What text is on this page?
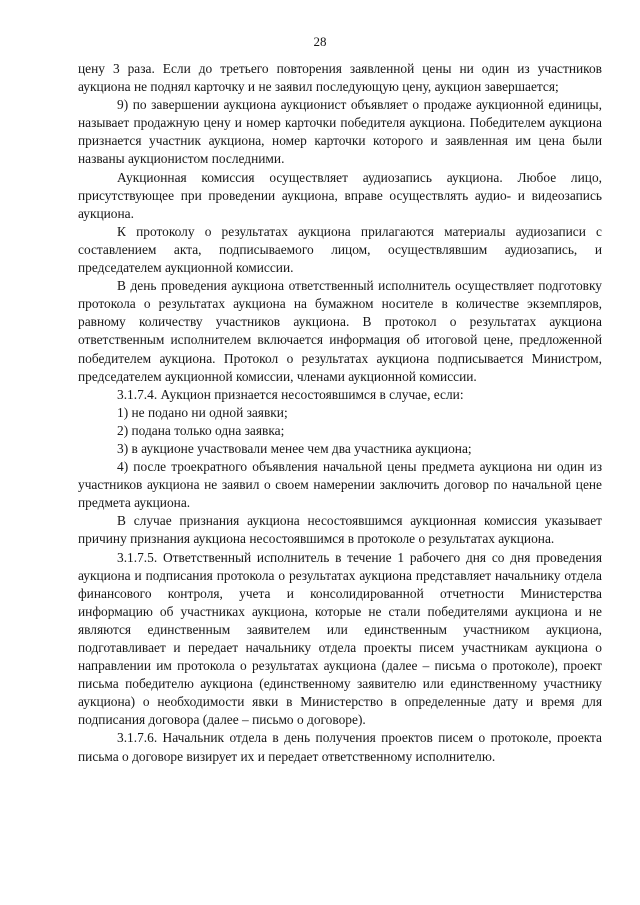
28

цену 3 раза. Если до третьего повторения заявленной цены ни один из участников аукциона не поднял карточку и не заявил последующую цену, аукцион завершается;

9) по завершении аукциона аукционист объявляет о продаже аукционной единицы, называет продажную цену и номер карточки победителя аукциона. Победителем аукциона признается участник аукциона, номер карточки которого и заявленная им цена были названы аукционистом последними.

Аукционная комиссия осуществляет аудиозапись аукциона. Любое лицо, присутствующее при проведении аукциона, вправе осуществлять аудио- и видеозапись аукциона.

К протоколу о результатах аукциона прилагаются материалы аудиозаписи с составлением акта, подписываемого лицом, осуществлявшим аудиозапись, и председателем аукционной комиссии.

В день проведения аукциона ответственный исполнитель осуществляет подготовку протокола о результатах аукциона на бумажном носителе в количестве экземпляров, равному количеству участников аукциона. В протокол о результатах аукциона ответственным исполнителем включается информация об итоговой цене, предложенной победителем аукциона. Протокол о результатах аукциона подписывается Министром, председателем аукционной комиссии, членами аукционной комиссии.

3.1.7.4. Аукцион признается несостоявшимся в случае, если:

1) не подано ни одной заявки;

2) подана только одна заявка;

3) в аукционе участвовали менее чем два участника аукциона;

4) после троекратного объявления начальной цены предмета аукциона ни один из участников аукциона не заявил о своем намерении заключить договор по начальной цене предмета аукциона.

В случае признания аукциона несостоявшимся аукционная комиссия указывает причину признания аукциона несостоявшимся в протоколе о результатах аукциона.

3.1.7.5. Ответственный исполнитель в течение 1 рабочего дня со дня проведения аукциона и подписания протокола о результатах аукциона представляет начальнику отдела финансового контроля, учета и консолидированной отчетности Министерства информацию об участниках аукциона, которые не стали победителями аукциона и не являются единственным заявителем или единственным участником аукциона, подготавливает и передает начальнику отдела проекты писем участникам аукциона о направлении им протокола о результатах аукциона (далее – письма о протоколе), проект письма победителю аукциона (единственному заявителю или единственному участнику аукциона) о необходимости явки в Министерство в определенные дату и время для подписания договора (далее – письмо о договоре).

3.1.7.6. Начальник отдела в день получения проектов писем о протоколе, проекта письма о договоре визирует их и передает ответственному исполнителю.
